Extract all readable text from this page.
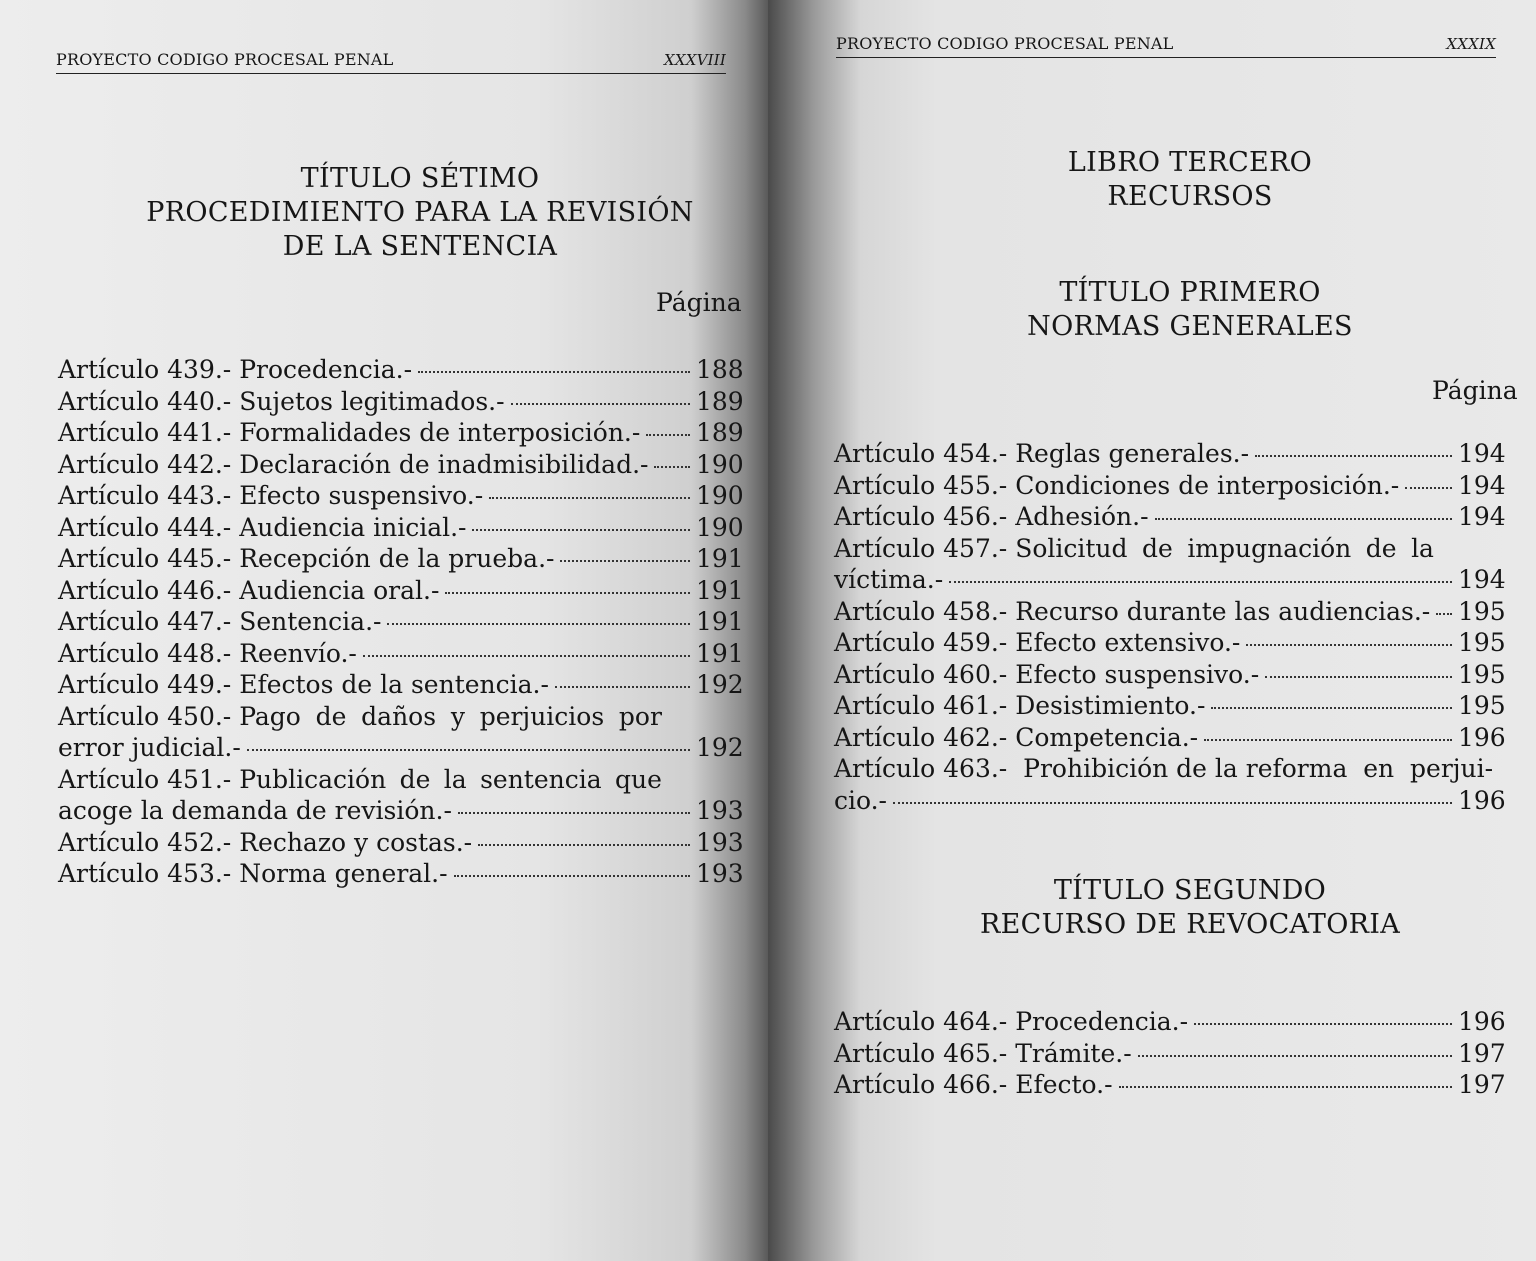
PROYECTO CODIGO PROCESAL PENAL	XXXVIII
TÍTULO SÉTIMO
PROCEDIMIENTO PARA LA REVISIÓN
DE LA SENTENCIA
Página
Artículo 439.- Procedencia.-	188
Artículo 440.- Sujetos legitimados.-	189
Artículo 441.- Formalidades de interposición.- 189
Artículo 442.- Declaración de inadmisibilidad.- 190
Artículo 443.- Efecto suspensivo.-	190
Artículo 444.- Audiencia inicial.-	190
Artículo 445.- Recepción de la prueba.-	191
Artículo 446.- Audiencia oral.-	191
Artículo 447.- Sentencia.-	191
Artículo 448.- Reenvío.-	191
Artículo 449.- Efectos de la sentencia.-	192
Artículo 450.- Pago de daños y perjuicios por
error judicial.-	192
Artículo 451.- Publicación de la sentencia que
acoge la demanda de revisión.-	193
Artículo 452.- Rechazo y costas.-	193
Artículo 453.- Norma general.-	193
PROYECTO CODIGO PROCESAL PENAL	XXXIX
LIBRO TERCERO
RECURSOS
TÍTULO PRIMERO
NORMAS GENERALES
Página
Artículo 454.- Reglas generales.-	194
Artículo 455.- Condiciones de interposición.- 194
Artículo 456.- Adhesión.-	194
Artículo 457.- Solicitud de impugnación de la
víctima.-	194
Artículo 458.- Recurso durante las audiencias.- 195
Artículo 459.- Efecto extensivo.-	195
Artículo 460.- Efecto suspensivo.-	195
Artículo 461.- Desistimiento.-	195
Artículo 462.- Competencia.-	196
Artículo 463.-  Prohibición de la reforma  en  perjui-
cio.-	196
TÍTULO SEGUNDO
RECURSO DE REVOCATORIA
Artículo 464.- Procedencia.-	196
Artículo 465.- Trámite.-	197
Artículo 466.- Efecto.-	197
